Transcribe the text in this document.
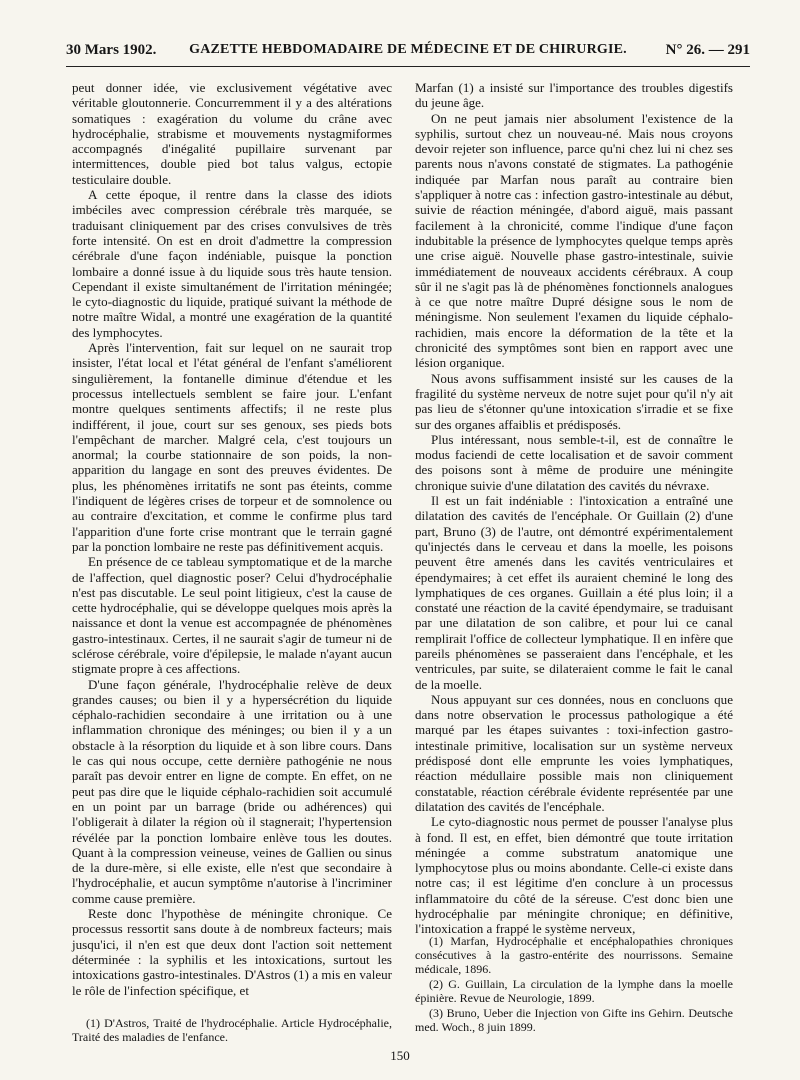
30 Mars 1902.	GAZETTE HEBDOMADAIRE DE MÉDECINE ET DE CHIRURGIE.	N° 26. — 291

peut donner idée, vie exclusivement végétative avec véritable gloutonnerie. Concurremment il y a des altérations somatiques : exagération du volume du crâne avec hydrocéphalie, strabisme et mouvements nystagmiformes accompagnés d'inégalité pupillaire survenant par intermittences, double pied bot talus valgus, ectopie testiculaire double.

A cette époque, il rentre dans la classe des idiots imbéciles avec compression cérébrale très marquée, se traduisant cliniquement par des crises convulsives de très forte intensité. On est en droit d'admettre la compression cérébrale d'une façon indéniable, puisque la ponction lombaire a donné issue à du liquide sous très haute tension. Cependant il existe simultanément de l'irritation méningée; le cyto-diagnostic du liquide, pratiqué suivant la méthode de notre maître Widal, a montré une exagération de la quantité des lymphocytes.

Après l'intervention, fait sur lequel on ne saurait trop insister, l'état local et l'état général de l'enfant s'améliorent singulièrement, la fontanelle diminue d'étendue et les processus intellectuels semblent se faire jour. L'enfant montre quelques sentiments affectifs; il ne reste plus indifférent, il joue, court sur ses genoux, ses pieds bots l'empêchant de marcher. Malgré cela, c'est toujours un anormal; la courbe stationnaire de son poids, la non-apparition du langage en sont des preuves évidentes. De plus, les phénomènes irritatifs ne sont pas éteints, comme l'indiquent de légères crises de torpeur et de somnolence ou au contraire d'excitation, et comme le confirme plus tard l'apparition d'une forte crise montrant que le terrain gagné par la ponction lombaire ne reste pas définitivement acquis.

En présence de ce tableau symptomatique et de la marche de l'affection, quel diagnostic poser? Celui d'hydrocéphalie n'est pas discutable. Le seul point litigieux, c'est la cause de cette hydrocéphalie, qui se développe quelques mois après la naissance et dont la venue est accompagnée de phénomènes gastro-intestinaux. Certes, il ne saurait s'agir de tumeur ni de sclérose cérébrale, voire d'épilepsie, le malade n'ayant aucun stigmate propre à ces affections.

D'une façon générale, l'hydrocéphalie relève de deux grandes causes; ou bien il y a hypersécrétion du liquide céphalo-rachidien secondaire à une irritation ou à une inflammation chronique des méninges; ou bien il y a un obstacle à la résorption du liquide et à son libre cours. Dans le cas qui nous occupe, cette dernière pathogénie ne nous paraît pas devoir entrer en ligne de compte. En effet, on ne peut pas dire que le liquide céphalo-rachidien soit accumulé en un point par un barrage (bride ou adhérences) qui l'obligerait à dilater la région où il stagnerait; l'hypertension révélée par la ponction lombaire enlève tous les doutes. Quant à la compression veineuse, veines de Gallien ou sinus de la dure-mère, si elle existe, elle n'est que secondaire à l'hydrocéphalie, et aucun symptôme n'autorise à l'incriminer comme cause première.

Reste donc l'hypothèse de méningite chronique. Ce processus ressortit sans doute à de nombreux facteurs; mais jusqu'ici, il n'en est que deux dont l'action soit nettement déterminée : la syphilis et les intoxications, surtout les intoxications gastro-intestinales. D'Astros (1) a mis en valeur le rôle de l'infection spécifique, et

Marfan (1) a insisté sur l'importance des troubles digestifs du jeune âge.

On ne peut jamais nier absolument l'existence de la syphilis, surtout chez un nouveau-né. Mais nous croyons devoir rejeter son influence, parce qu'ni chez lui ni chez ses parents nous n'avons constaté de stigmates. La pathogénie indiquée par Marfan nous paraît au contraire bien s'appliquer à notre cas : infection gastro-intestinale au début, suivie de réaction méningée, d'abord aiguë, mais passant facilement à la chronicité, comme l'indique d'une façon indubitable la présence de lymphocytes quelque temps après une crise aiguë. Nouvelle phase gastro-intestinale, suivie immédiatement de nouveaux accidents cérébraux. A coup sûr il ne s'agit pas là de phénomènes fonctionnels analogues à ce que notre maître Dupré désigne sous le nom de méningisme. Non seulement l'examen du liquide céphalo-rachidien, mais encore la déformation de la tête et la chronicité des symptômes sont bien en rapport avec une lésion organique.

Nous avons suffisamment insisté sur les causes de la fragilité du système nerveux de notre sujet pour qu'il n'y ait pas lieu de s'étonner qu'une intoxication s'irradie et se fixe sur des organes affaiblis et prédisposés.

Plus intéressant, nous semble-t-il, est de connaître le modus faciendi de cette localisation et de savoir comment des poisons sont à même de produire une méningite chronique suivie d'une dilatation des cavités du névraxe.

Il est un fait indéniable : l'intoxication a entraîné une dilatation des cavités de l'encéphale. Or Guillain (2) d'une part, Bruno (3) de l'autre, ont démontré expérimentalement qu'injectés dans le cerveau et dans la moelle, les poisons peuvent être amenés dans les cavités ventriculaires et épendymaires; à cet effet ils auraient cheminé le long des lymphatiques de ces organes. Guillain a été plus loin; il a constaté une réaction de la cavité épendymaire, se traduisant par une dilatation de son calibre, et pour lui ce canal remplirait l'office de collecteur lymphatique. Il en infère que pareils phénomènes se passeraient dans l'encéphale, et les ventricules, par suite, se dilateraient comme le fait le canal de la moelle.

Nous appuyant sur ces données, nous en concluons que dans notre observation le processus pathologique a été marqué par les étapes suivantes : toxi-infection gastro-intestinale primitive, localisation sur un système nerveux prédisposé dont elle emprunte les voies lymphatiques, réaction médullaire possible mais non cliniquement constatable, réaction cérébrale évidente représentée par une dilatation des cavités de l'encéphale.

Le cyto-diagnostic nous permet de pousser l'analyse plus à fond. Il est, en effet, bien démontré que toute irritation méningée a comme substratum anatomique une lymphocytose plus ou moins abondante. Celle-ci existe dans notre cas; il est légitime d'en conclure à un processus inflammatoire du côté de la séreuse. C'est donc bien une hydrocéphalie par méningite chronique; en définitive, l'intoxication a frappé le système nerveux,

(1) D'Astros, Traité de l'hydrocéphalie. Article Hydrocéphalie, Traité des maladies de l'enfance.

(1) Marfan, Hydrocéphalie et encéphalopathies chroniques consécutives à la gastro-entérite des nourrissons. Semaine médicale, 1896.

(2) G. Guillain, La circulation de la lymphe dans la moelle épinière. Revue de Neurologie, 1899.

(3) Bruno, Ueber die Injection von Gifte ins Gehirn. Deutsche med. Woch., 8 juin 1899.

150
